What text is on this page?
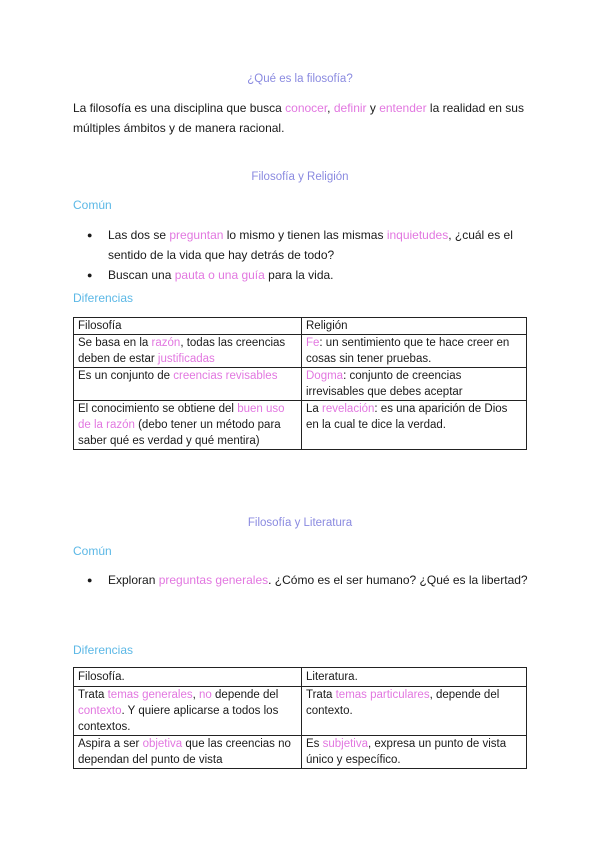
¿Qué es la filosofía?
La filosofía es una disciplina que busca conocer, definir y entender la realidad en sus múltiples ámbitos y de manera racional.
Filosofía y Religión
Común
● Las dos se preguntan lo mismo y tienen las mismas inquietudes, ¿cuál es el sentido de la vida que hay detrás de todo?
● Buscan una pauta o una guía para la vida.
Diferencias
Filosofía	Religión
Se basa en la razón, todas las creencias deben de estar justificadas	Fe: un sentimiento que te hace creer en cosas sin tener pruebas.
Es un conjunto de creencias revisables	Dogma: conjunto de creencias irrevisables que debes aceptar
El conocimiento se obtiene del buen uso de la razón (debo tener un método para saber qué es verdad y qué mentira)	La revelación: es una aparición de Dios en la cual te dice la verdad.
Filosofía y Literatura
Común
● Exploran preguntas generales. ¿Cómo es el ser humano? ¿Qué es la libertad?
Diferencias
Filosofía.	Literatura.
Trata temas generales, no depende del contexto. Y quiere aplicarse a todos los contextos.	Trata temas particulares, depende del contexto.
Aspira a ser objetiva que las creencias no dependan del punto de vista	Es subjetiva, expresa un punto de vista único y específico.
